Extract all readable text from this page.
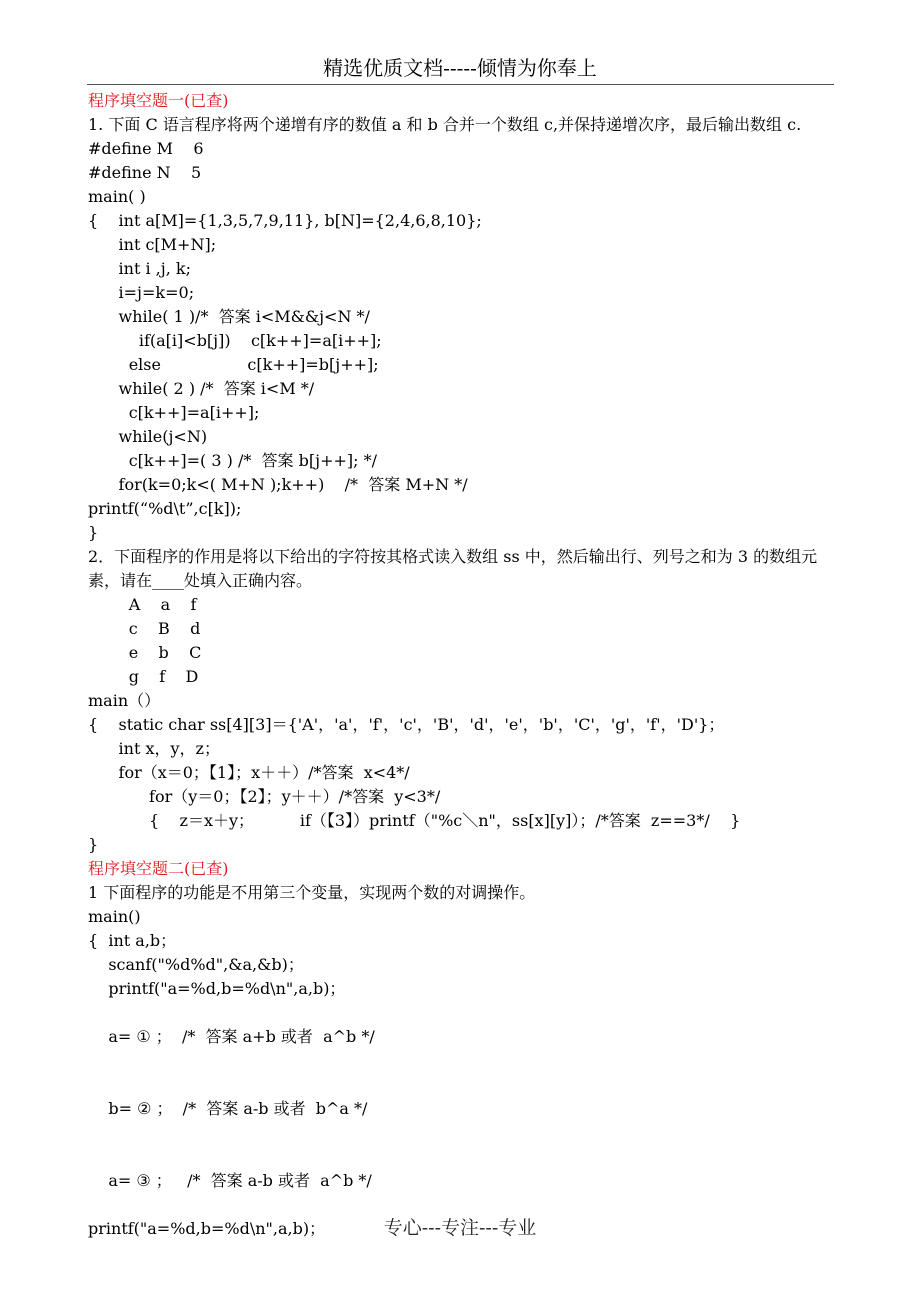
精选优质文档-----倾情为你奉上
程序填空题一(已查)
1. 下面 C 语言程序将两个递增有序的数值 a 和 b 合并一个数组 c,并保持递增次序，最后输出数组 c.
#define M    6
#define N    5
main( )
{    int a[M]={1,3,5,7,9,11}, b[N]={2,4,6,8,10};
int c[M+N];
int i ,j, k;
i=j=k=0;
while( 1 )/*  答案 i<M&&j<N */
if(a[i]<b[j])    c[k++]=a[i++];
else                 c[k++]=b[j++];
while( 2 ) /*  答案 i<M */
c[k++]=a[i++];
while(j<N)
c[k++]=( 3 ) /*  答案 b[j++]; */
for(k=0;k<( M+N );k++)    /*  答案 M+N */
printf(“%d\t”,c[k]);
}
2．下面程序的作用是将以下给出的字符按其格式读入数组 ss 中，然后输出行、列号之和为 3 的数组元素，请在____处填入正确内容。
A    a    f
c    B    d
e    b    C
g    f    D
main（）
{    static char ss[4][3]＝{'A'，'a'，'f'，'c'，'B'，'d'，'e'，'b'，'C'，'g'，'f'，'D'}；
int x，y，z；
for（x＝0；【1】；x＋＋）/*答案  x<4*/
for（y＝0；【2】；y＋＋）/*答案  y<3*/
{    z＝x＋y；         if（【3】）printf（"%c＼n"，ss[x][y]）；/*答案  z==3*/    }
}
程序填空题二(已查)
1 下面程序的功能是不用第三个变量，实现两个数的对调操作。
main()
{  int a,b；
scanf("%d%d",&a,&b)；
printf("a=%d,b=%d\n",a,b)；
a= ① ；  /*  答案 a+b 或者  a^b */
b= ② ；  /*  答案 a-b 或者  b^a */
a= ③ ；   /*  答案 a-b 或者  a^b */
printf("a=%d,b=%d\n",a,b)；	专心---专注---专业
